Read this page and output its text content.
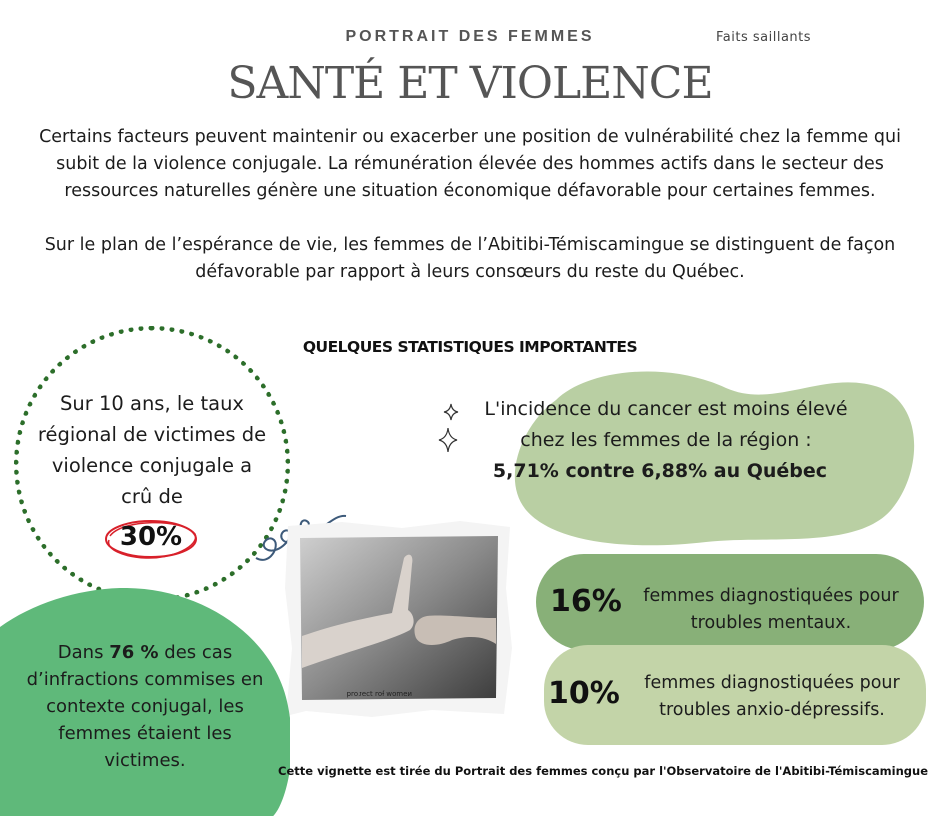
PORTRAIT DES FEMMES	Faits saillants
SANTÉ ET VIOLENCE

Certains facteurs peuvent maintenir ou exacerber une position de vulnérabilité chez la femme qui subit de la violence conjugale. La rémunération élevée des hommes actifs dans le secteur des ressources naturelles génère une situation économique défavorable pour certaines femmes.

Sur le plan de l’espérance de vie, les femmes de l’Abitibi-Témiscamingue se distinguent de façon défavorable par rapport à leurs consœurs du reste du Québec.

QUELQUES STATISTIQUES IMPORTANTES
Sur 10 ans, le taux régional de victimes de violence conjugale a crû de
30%
L'incidence du cancer est moins élevé chez les femmes de la région :
5,71% contre 6,88% au Québec
ᴎǝɯoʍ ɟoɹ ʇɔǝɾoɹd
16%	femmes diagnostiquées pour troubles mentaux.
10%	femmes diagnostiquées pour troubles anxio-dépressifs.
Dans 76 % des cas d’infractions commises en contexte conjugal, les femmes étaient les victimes.	Cette vignette est tirée du Portrait des femmes conçu par l'Observatoire de l'Abitibi-Témiscamingue
